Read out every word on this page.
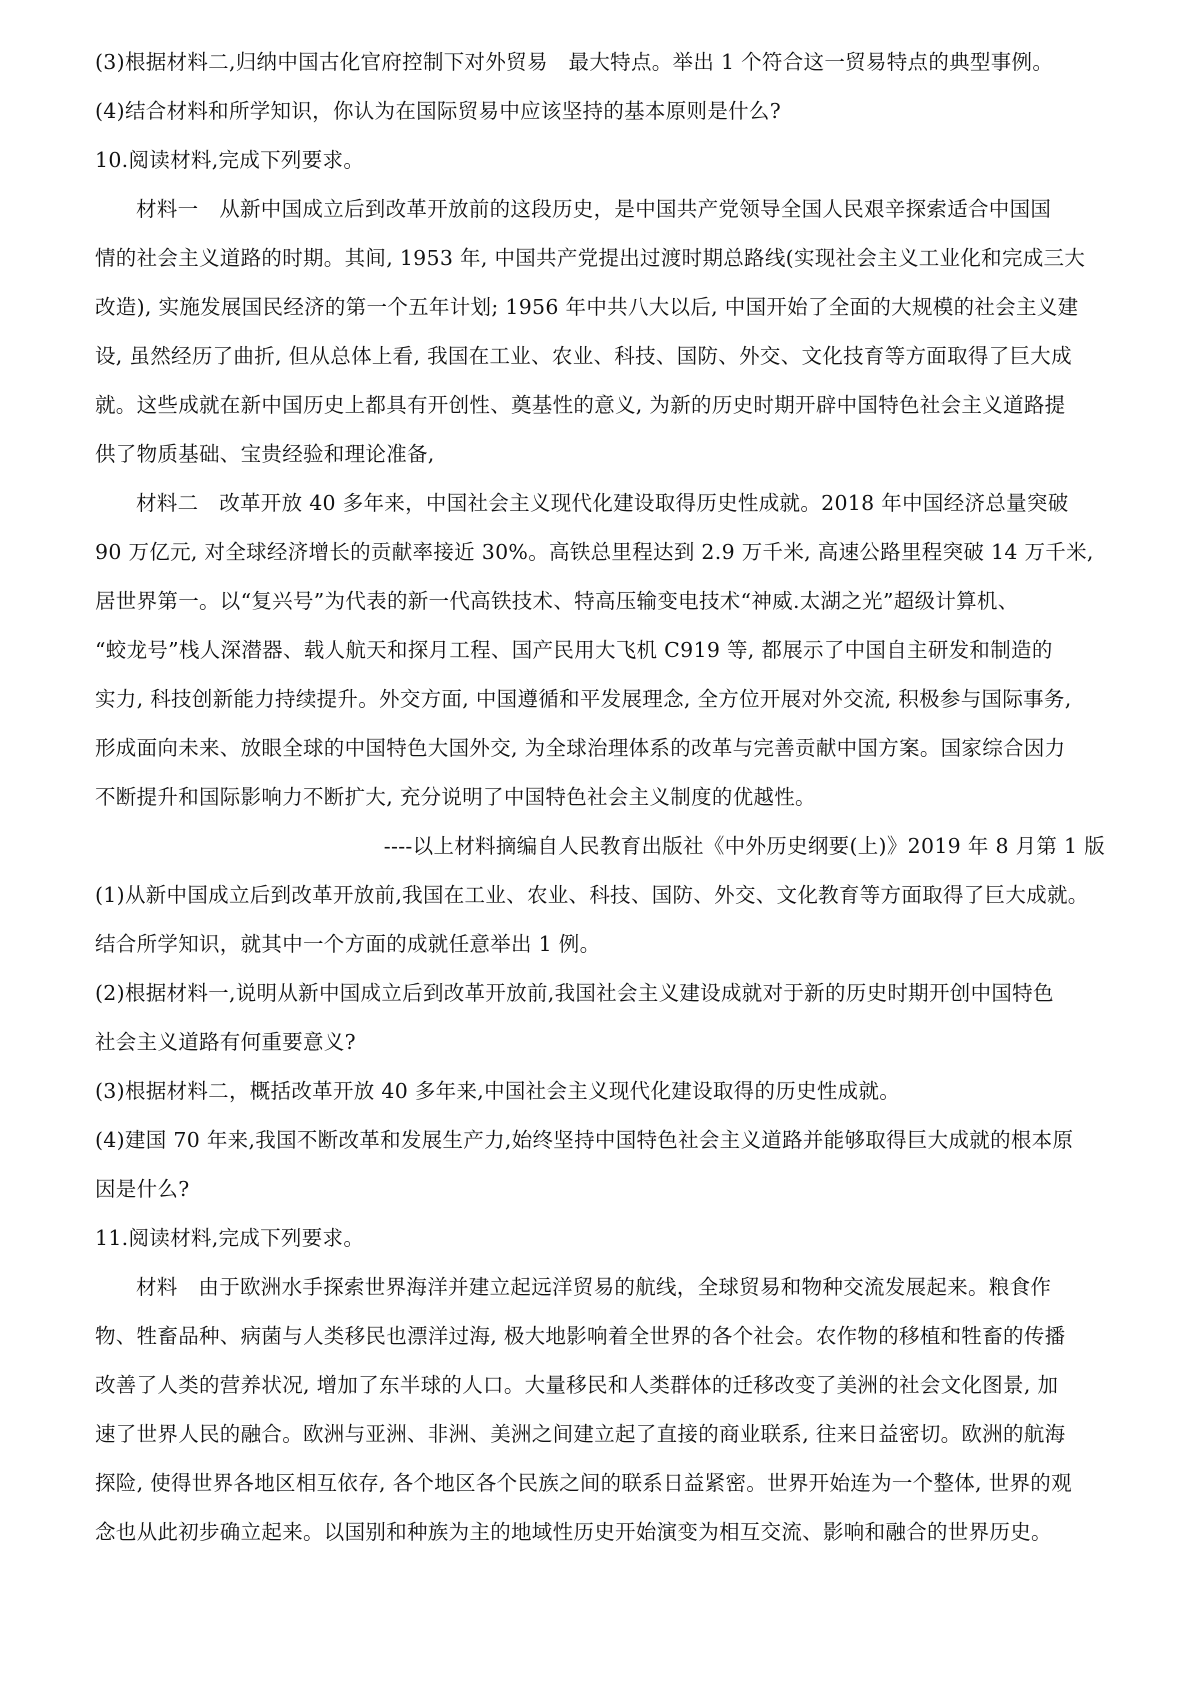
(3)根据材料二,归纳中国古化官府控制下对外贸易　最大特点。举出 1 个符合这一贸易特点的典型事例。
(4)结合材料和所学知识，你认为在国际贸易中应该坚持的基本原则是什么?
10.阅读材料,完成下列要求。
材料一　从新中国成立后到改革开放前的这段历史，是中国共产党领导全国人民艰辛探索适合中国国
情的社会主义道路的时期。其间, 1953 年, 中国共产党提出过渡时期总路线(实现社会主义工业化和完成三大
改造), 实施发展国民经济的第一个五年计划; 1956 年中共八大以后, 中国开始了全面的大规模的社会主义建
设, 虽然经历了曲折, 但从总体上看, 我国在工业、农业、科技、国防、外交、文化技育等方面取得了巨大成
就。这些成就在新中国历史上都具有开创性、奠基性的意义, 为新的历史时期开辟中国特色社会主义道路提
供了物质基础、宝贵经验和理论准备,
材料二　改革开放 40 多年来，中国社会主义现代化建设取得历史性成就。2018 年中国经济总量突破
90 万亿元, 对全球经济增长的贡献率接近 30%。高铁总里程达到 2.9 万千米, 高速公路里程突破 14 万千米,
居世界第一。以“复兴号”为代表的新一代高铁技术、特高压输变电技术“神威.太湖之光”超级计算机、
“蛟龙号”栈人深潜器、载人航天和探月工程、国产民用大飞机 C919 等, 都展示了中国自主研发和制造的
实力, 科技创新能力持续提升。外交方面, 中国遵循和平发展理念, 全方位开展对外交流, 积极参与国际事务,
形成面向未来、放眼全球的中国特色大国外交, 为全球治理体系的改革与完善贡献中国方案。国家综合因力
不断提升和国际影响力不断扩大, 充分说明了中国特色社会主义制度的优越性。
----以上材料摘编自人民教育出版社《中外历史纲要(上)》2019 年 8 月第 1 版
(1)从新中国成立后到改革开放前,我国在工业、农业、科技、国防、外交、文化教育等方面取得了巨大成就。
结合所学知识，就其中一个方面的成就任意举出 1 例。
(2)根据材料一,说明从新中国成立后到改革开放前,我国社会主义建设成就对于新的历史时期开创中国特色
社会主义道路有何重要意义?
(3)根据材料二，概括改革开放 40 多年来,中国社会主义现代化建设取得的历史性成就。
(4)建国 70 年来,我国不断改革和发展生产力,始终坚持中国特色社会主义道路并能够取得巨大成就的根本原
因是什么?
11.阅读材料,完成下列要求。
材料　由于欧洲水手探索世界海洋并建立起远洋贸易的航线，全球贸易和物种交流发展起来。粮食作
物、牲畜品种、病菌与人类移民也漂洋过海, 极大地影响着全世界的各个社会。农作物的移植和牲畜的传播
改善了人类的营养状况, 增加了东半球的人口。大量移民和人类群体的迁移改变了美洲的社会文化图景, 加
速了世界人民的融合。欧洲与亚洲、非洲、美洲之间建立起了直接的商业联系, 往来日益密切。欧洲的航海
探险, 使得世界各地区相互依存, 各个地区各个民族之间的联系日益紧密。世界开始连为一个整体, 世界的观
念也从此初步确立起来。以国别和种族为主的地域性历史开始演变为相互交流、影响和融合的世界历史。
